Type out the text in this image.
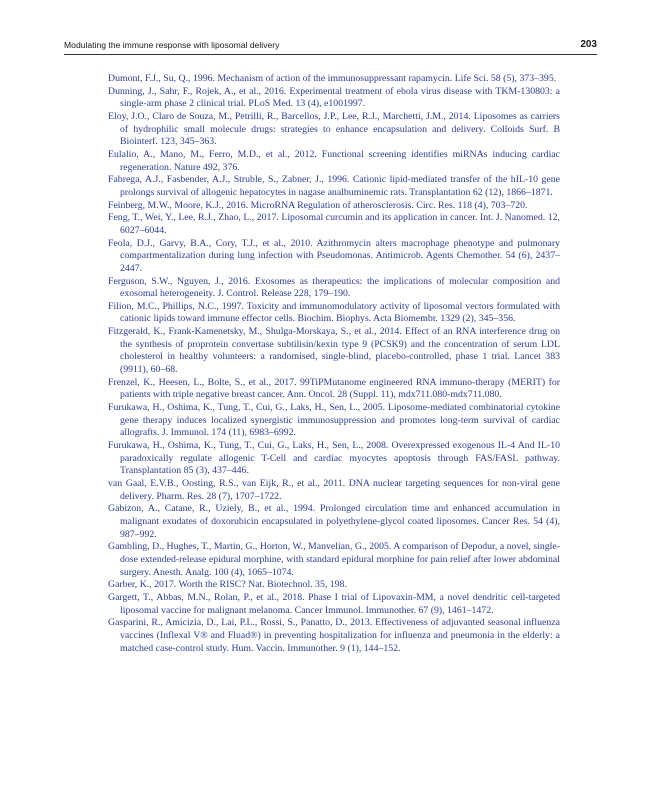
Modulating the immune response with liposomal delivery	203
Dumont, F.J., Su, Q., 1996. Mechanism of action of the immunosuppressant rapamycin. Life Sci. 58 (5), 373–395.
Dunning, J., Sahr, F., Rojek, A., et al., 2016. Experimental treatment of ebola virus disease with TKM-130803: a single-arm phase 2 clinical trial. PLoS Med. 13 (4), e1001997.
Eloy, J.O., Claro de Souza, M., Petrilli, R., Barcellos, J.P., Lee, R.J., Marchetti, J.M., 2014. Liposomes as carriers of hydrophilic small molecule drugs: strategies to enhance encapsulation and delivery. Colloids Surf. B Biointerf. 123, 345–363.
Eulalio, A., Mano, M., Ferro, M.D., et al., 2012. Functional screening identifies miRNAs inducing cardiac regeneration. Nature 492, 376.
Fabrega, A.J., Fasbender, A.J., Struble, S., Zabner, J., 1996. Cationic lipid-mediated transfer of the hIL-10 gene prolongs survival of allogenic hepatocytes in nagase analbuminemic rats. Transplantation 62 (12), 1866–1871.
Feinberg, M.W., Moore, K.J., 2016. MicroRNA Regulation of atherosclerosis. Circ. Res. 118 (4), 703–720.
Feng, T., Wei, Y., Lee, R.J., Zhao, L., 2017. Liposomal curcumin and its application in cancer. Int. J. Nanomed. 12, 6027–6044.
Feola, D.J., Garvy, B.A., Cory, T.J., et al., 2010. Azithromycin alters macrophage phenotype and pulmonary compartmentalization during lung infection with Pseudomonas. Antimicrob. Agents Chemother. 54 (6), 2437–2447.
Ferguson, S.W., Nguyen, J., 2016. Exosomes as therapeutics: the implications of molecular composition and exosomal heterogeneity. J. Control. Release 228, 179–190.
Filion, M.C., Phillips, N.C., 1997. Toxicity and immunomodulatory activity of liposomal vectors formulated with cationic lipids toward immune effector cells. Biochim. Biophys. Acta Biomembr. 1329 (2), 345–356.
Fitzgerald, K., Frank-Kamenetsky, M., Shulga-Morskaya, S., et al., 2014. Effect of an RNA interference drug on the synthesis of proprotein convertase subtilisin/kexin type 9 (PCSK9) and the concentration of serum LDL cholesterol in healthy volunteers: a randomised, single-blind, placebo-controlled, phase 1 trial. Lancet 383 (9911), 60–68.
Frenzel, K., Heesen, L., Bolte, S., et al., 2017. 99TiPMutanome engineered RNA immuno-therapy (MERIT) for patients with triple negative breast cancer. Ann. Oncol. 28 (Suppl. 11), mdx711.080-mdx711.080.
Furukawa, H., Oshima, K., Tung, T., Cui, G., Laks, H., Sen, L., 2005. Liposome-mediated combinatorial cytokine gene therapy induces localized synergistic immunosuppression and promotes long-term survival of cardiac allografts. J. Immunol. 174 (11), 6983–6992.
Furukawa, H., Oshima, K., Tung, T., Cui, G., Laks, H., Sen, L., 2008. Overexpressed exogenous IL-4 And IL-10 paradoxically regulate allogenic T-Cell and cardiac myocytes apoptosis through FAS/FASL pathway. Transplantation 85 (3), 437–446.
van Gaal, E.V.B., Oosting, R.S., van Eijk, R., et al., 2011. DNA nuclear targeting sequences for non-viral gene delivery. Pharm. Res. 28 (7), 1707–1722.
Gabizon, A., Catane, R., Uziely, B., et al., 1994. Prolonged circulation time and enhanced accumulation in malignant exudates of doxorubicin encapsulated in polyethylene-glycol coated liposomes. Cancer Res. 54 (4), 987–992.
Gambling, D., Hughes, T., Martin, G., Horton, W., Manvelian, G., 2005. A comparison of Depodur, a novel, single-dose extended-release epidural morphine, with standard epidural morphine for pain relief after lower abdominal surgery. Anesth. Analg. 100 (4), 1065–1074.
Garber, K., 2017. Worth the RISC? Nat. Biotechnol. 35, 198.
Gargett, T., Abbas, M.N., Rolan, P., et al., 2018. Phase I trial of Lipovaxin-MM, a novel dendritic cell-targeted liposomal vaccine for malignant melanoma. Cancer Immunol. Immunother. 67 (9), 1461–1472.
Gasparini, R., Amicizia, D., Lai, P.L., Rossi, S., Panatto, D., 2013. Effectiveness of adjuvanted seasonal influenza vaccines (Inflexal V® and Fluad®) in preventing hospitalization for influenza and pneumonia in the elderly: a matched case-control study. Hum. Vaccin. Immunother. 9 (1), 144–152.
